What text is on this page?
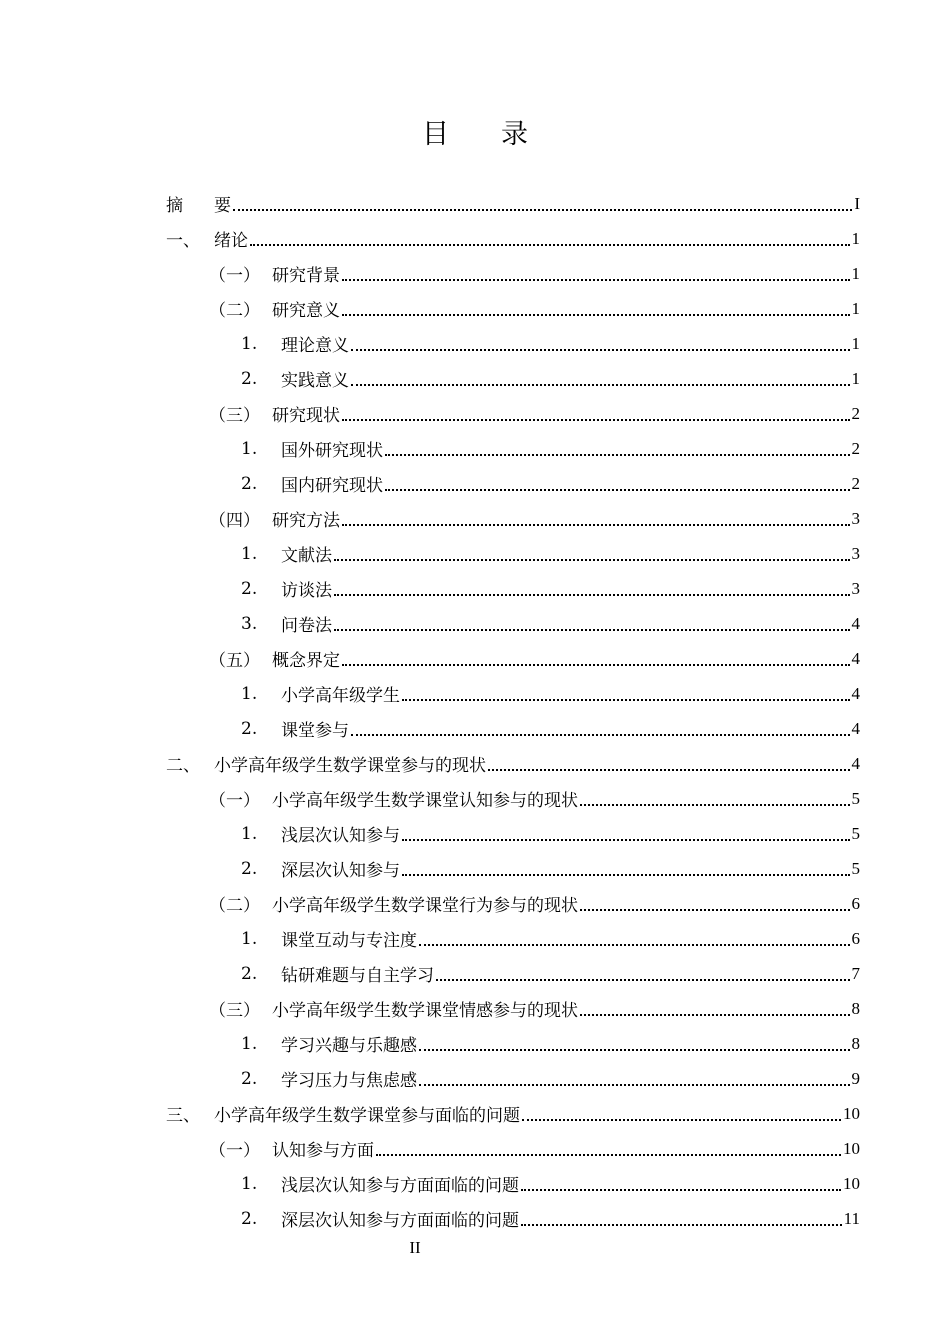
目 录
摘	要	I
一、 绪论	1
（一） 研究背景	1
（二） 研究意义	1
1.	理论意义	1
2.	实践意义	1
（三） 研究现状	2
1.	国外研究现状	2
2.	国内研究现状	2
（四） 研究方法	3
1.	文献法	3
2.	访谈法	3
3.	问卷法	4
（五） 概念界定	4
1.	小学高年级学生	4
2.	课堂参与	4
二、 小学高年级学生数学课堂参与的现状	4
（一） 小学高年级学生数学课堂认知参与的现状	5
1.	浅层次认知参与	5
2.	深层次认知参与	5
（二） 小学高年级学生数学课堂行为参与的现状	6
1.	课堂互动与专注度	6
2.	钻研难题与自主学习	7
（三） 小学高年级学生数学课堂情感参与的现状	8
1.	学习兴趣与乐趣感	8
2.	学习压力与焦虑感	9
三、 小学高年级学生数学课堂参与面临的问题	10
（一） 认知参与方面	10
1.	浅层次认知参与方面面临的问题	10
2.	深层次认知参与方面面临的问题	11
II
